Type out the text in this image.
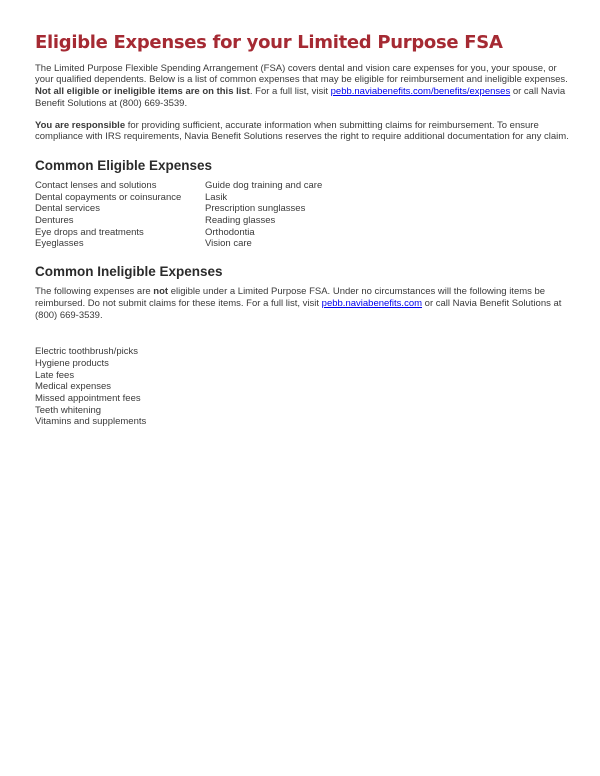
Eligible Expenses for your Limited Purpose FSA

The Limited Purpose Flexible Spending Arrangement (FSA) covers dental and vision care expenses for you, your spouse, or your qualified dependents. Below is a list of common expenses that may be eligible for reimbursement and ineligible expenses. Not all eligible or ineligible items are on this list. For a full list, visit pebb.naviabenefits.com/benefits/expenses or call Navia Benefit Solutions at (800) 669-3539.

You are responsible for providing sufficient, accurate information when submitting claims for reimbursement. To ensure compliance with IRS requirements, Navia Benefit Solutions reserves the right to require additional documentation for any claim.

Common Eligible Expenses
Contact lenses and solutions
Dental copayments or coinsurance
Dental services
Dentures
Eye drops and treatments
Eyeglasses
Guide dog training and care
Lasik
Prescription sunglasses
Reading glasses
Orthodontia
Vision care
Common Ineligible Expenses

The following expenses are not eligible under a Limited Purpose FSA. Under no circumstances will the following items be reimbursed. Do not submit claims for these items. For a full list, visit pebb.naviabenefits.com or call Navia Benefit Solutions at (800) 669-3539.

Electric toothbrush/picks
Hygiene products
Late fees
Medical expenses
Missed appointment fees
Teeth whitening
Vitamins and supplements
